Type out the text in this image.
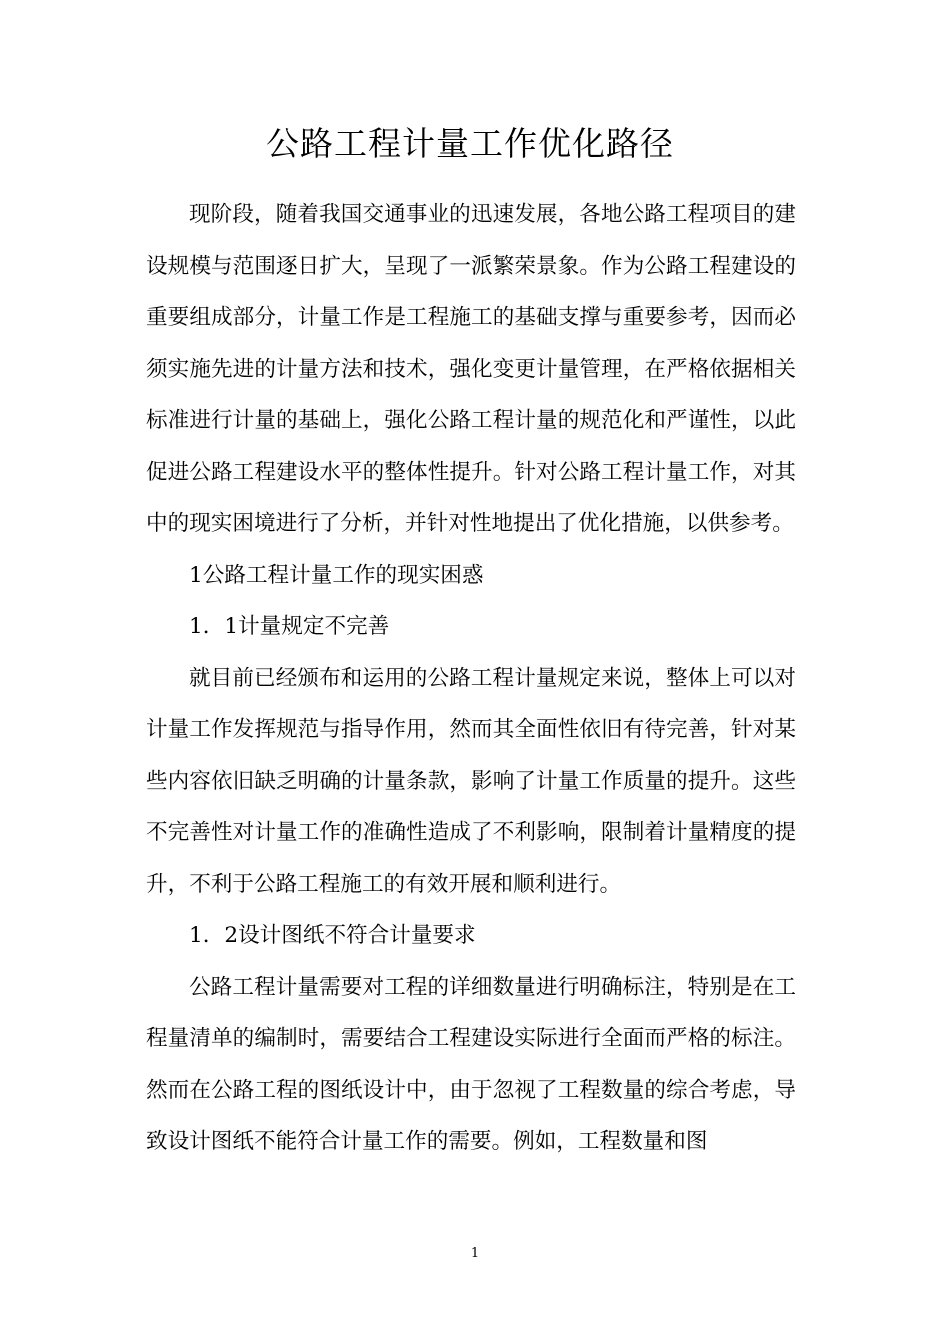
公路工程计量工作优化路径

现阶段，随着我国交通事业的迅速发展，各地公路工程项目的建设规模与范围逐日扩大，呈现了一派繁荣景象。作为公路工程建设的重要组成部分，计量工作是工程施工的基础支撑与重要参考，因而必须实施先进的计量方法和技术，强化变更计量管理，在严格依据相关标准进行计量的基础上，强化公路工程计量的规范化和严谨性，以此促进公路工程建设水平的整体性提升。针对公路工程计量工作，对其中的现实困境进行了分析，并针对性地提出了优化措施，以供参考。

1公路工程计量工作的现实困惑

1．1计量规定不完善

就目前已经颁布和运用的公路工程计量规定来说，整体上可以对计量工作发挥规范与指导作用，然而其全面性依旧有待完善，针对某些内容依旧缺乏明确的计量条款，影响了计量工作质量的提升。这些不完善性对计量工作的准确性造成了不利影响，限制着计量精度的提升，不利于公路工程施工的有效开展和顺利进行。

1．2设计图纸不符合计量要求

公路工程计量需要对工程的详细数量进行明确标注，特别是在工程量清单的编制时，需要结合工程建设实际进行全面而严格的标注。然而在公路工程的图纸设计中，由于忽视了工程数量的综合考虑，导致设计图纸不能符合计量工作的需要。例如，工程数量和图

1
